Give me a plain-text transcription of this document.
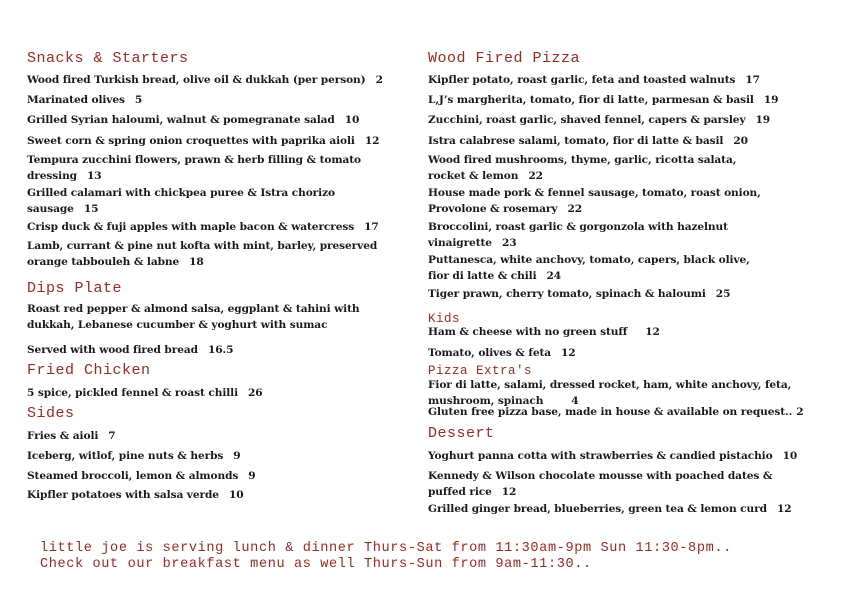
Snacks & Starters

Wood fired Turkish bread, olive oil & dukkah (per person) 2

Marinated olives 5

Grilled Syrian haloumi, walnut & pomegranate salad 10

Sweet corn & spring onion croquettes with paprika aioli 12

Tempura zucchini flowers, prawn & herb filling & tomato
dressing 13

Grilled calamari with chickpea puree & Istra chorizo
sausage 15

Crisp duck & fuji apples with maple bacon & watercress 17

Lamb, currant & pine nut kofta with mint, barley, preserved
orange tabbouleh & labne 18

Dips Plate

Roast red pepper & almond salsa, eggplant & tahini with
dukkah, Lebanese cucumber & yoghurt with sumac

Served with wood fired bread 16.5

Fried Chicken

5 spice, pickled fennel & roast chilli 26

Sides

Fries & aioli 7

Iceberg, witlof, pine nuts & herbs 9

Steamed broccoli, lemon & almonds 9

Kipfler potatoes with salsa verde 10

Wood Fired Pizza

Kipfler potato, roast garlic, feta and toasted walnuts 17

L,J’s margherita, tomato, fior di latte, parmesan & basil 19

Zucchini, roast garlic, shaved fennel, capers & parsley 19

Istra calabrese salami, tomato, fior di latte & basil 20

Wood fired mushrooms, thyme, garlic, ricotta salata,
rocket & lemon 22

House made pork & fennel sausage, tomato, roast onion,
Provolone & rosemary 22

Broccolini, roast garlic & gorgonzola with hazelnut
vinaigrette 23

Puttanesca, white anchovy, tomato, capers, black olive,
fior di latte & chili 24

Tiger prawn, cherry tomato, spinach & haloumi 25

Kids

Ham & cheese with no green stuff 12

Tomato, olives & feta 12

Pizza Extra's

Fior di latte, salami, dressed rocket, ham, white anchovy, feta,
mushroom, spinach	4

Gluten free pizza base, made in house & available on request.. 2

Dessert

Yoghurt panna cotta with strawberries & candied pistachio 10

Kennedy & Wilson chocolate mousse with poached dates &
puffed rice 12

Grilled ginger bread, blueberries, green tea & lemon curd 12

little joe is serving lunch & dinner Thurs-Sat from 11:30am-9pm Sun 11:30-8pm..
Check out our breakfast menu as well Thurs-Sun from 9am-11:30..
